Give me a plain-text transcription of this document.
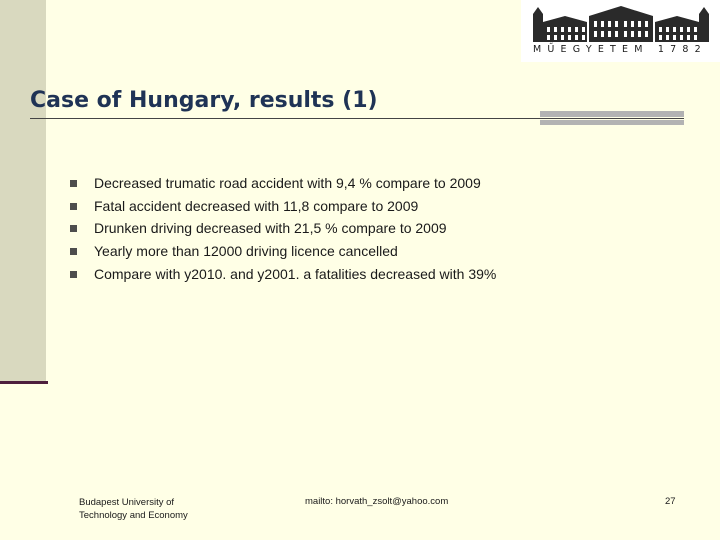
MŰEGYETEM 1782
Case of Hungary, results (1)
Decreased trumatic road accident with 9,4 % compare to 2009
Fatal accident decreased with 11,8 compare to 2009
Drunken driving decreased with 21,5 % compare to 2009
Yearly more than 12000 driving licence cancelled
Compare with y2010. and y2001. a fatalities decreased with 39%
Budapest University of
Technology and Economy
mailto: horvath_zsolt@yahoo.com	27
